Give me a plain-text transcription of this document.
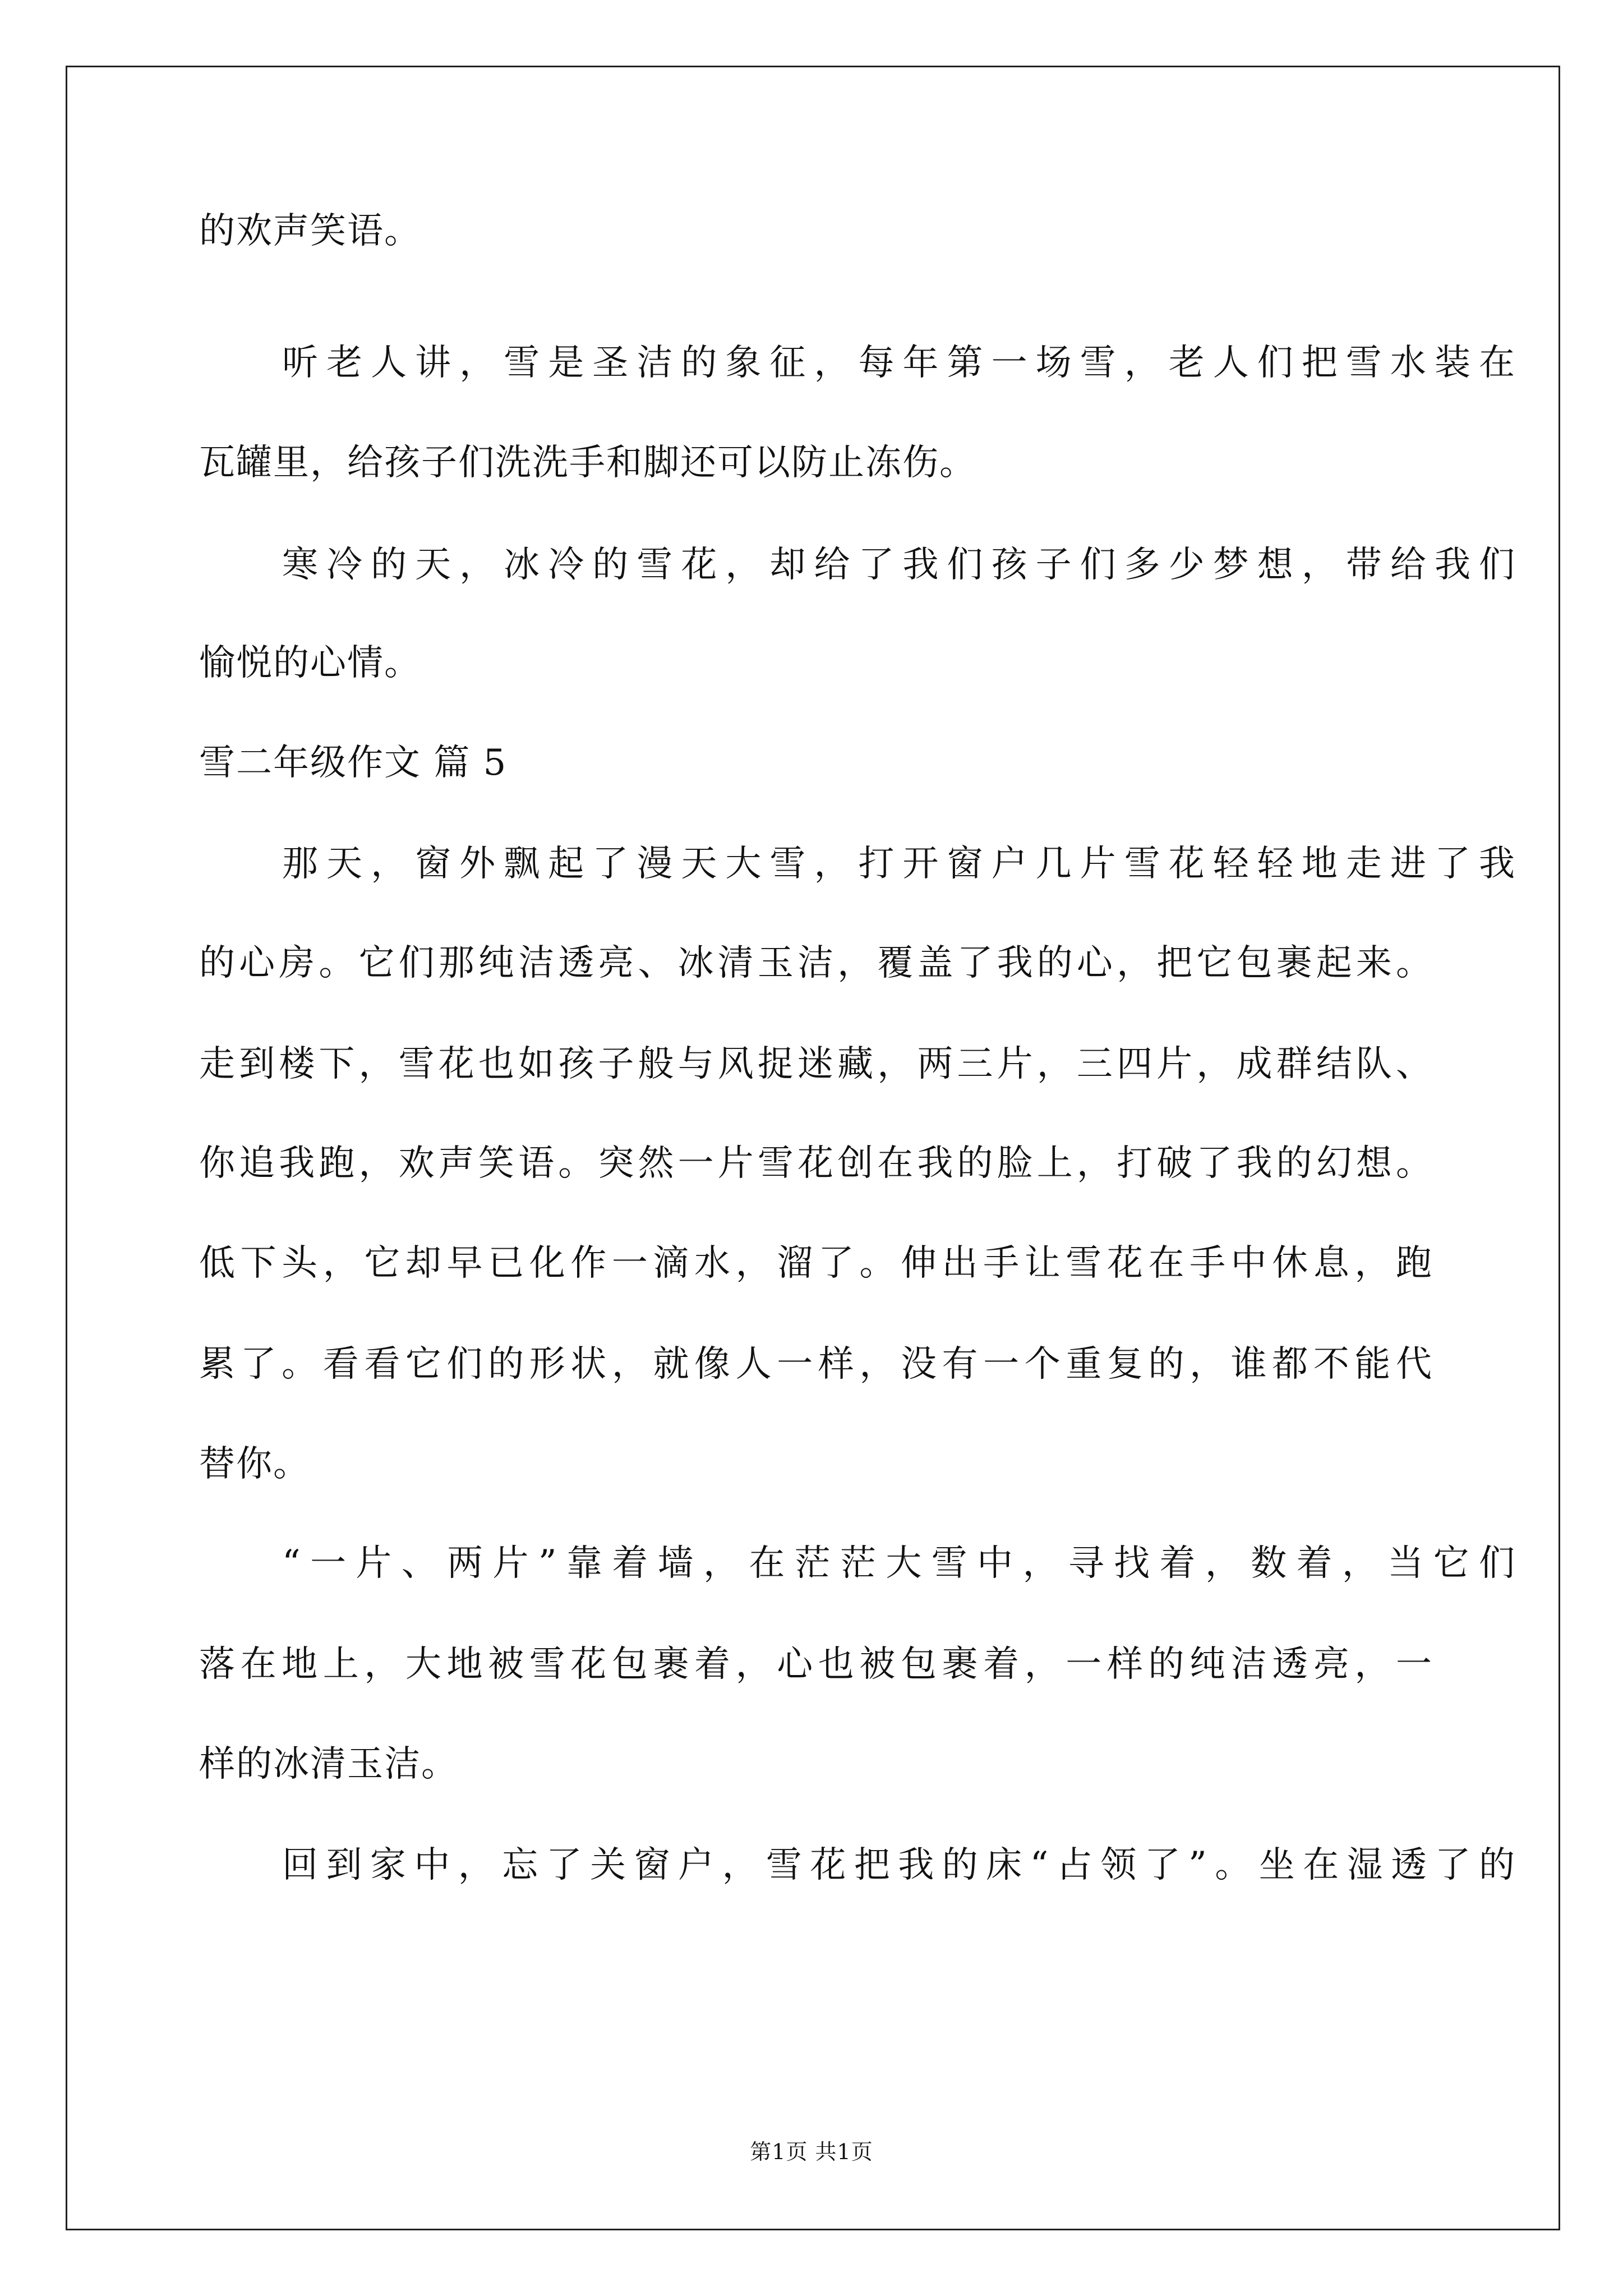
的欢声笑语。
听老人讲，雪是圣洁的象征，每年第一场雪，老人们把雪水装在
瓦罐里，给孩子们洗洗手和脚还可以防止冻伤。
寒冷的天，冰冷的雪花，却给了我们孩子们多少梦想，带给我们
愉悦的心情。
雪二年级作文 篇 5
那天，窗外飘起了漫天大雪，打开窗户几片雪花轻轻地走进了我
的心房。它们那纯洁透亮、冰清玉洁，覆盖了我的心，把它包裹起来。
走到楼下，雪花也如孩子般与风捉迷藏，两三片，三四片，成群结队、
你追我跑，欢声笑语。突然一片雪花创在我的脸上，打破了我的幻想。
低下头，它却早已化作一滴水，溜了。伸出手让雪花在手中休息，跑
累了。看看它们的形状，就像人一样，没有一个重复的，谁都不能代
替你。
“一片、两片”靠着墙，在茫茫大雪中，寻找着，数着，当它们
落在地上，大地被雪花包裹着，心也被包裹着，一样的纯洁透亮，一
样的冰清玉洁。
回到家中，忘了关窗户，雪花把我的床“占领了”。坐在湿透了的
第1页 共1页
